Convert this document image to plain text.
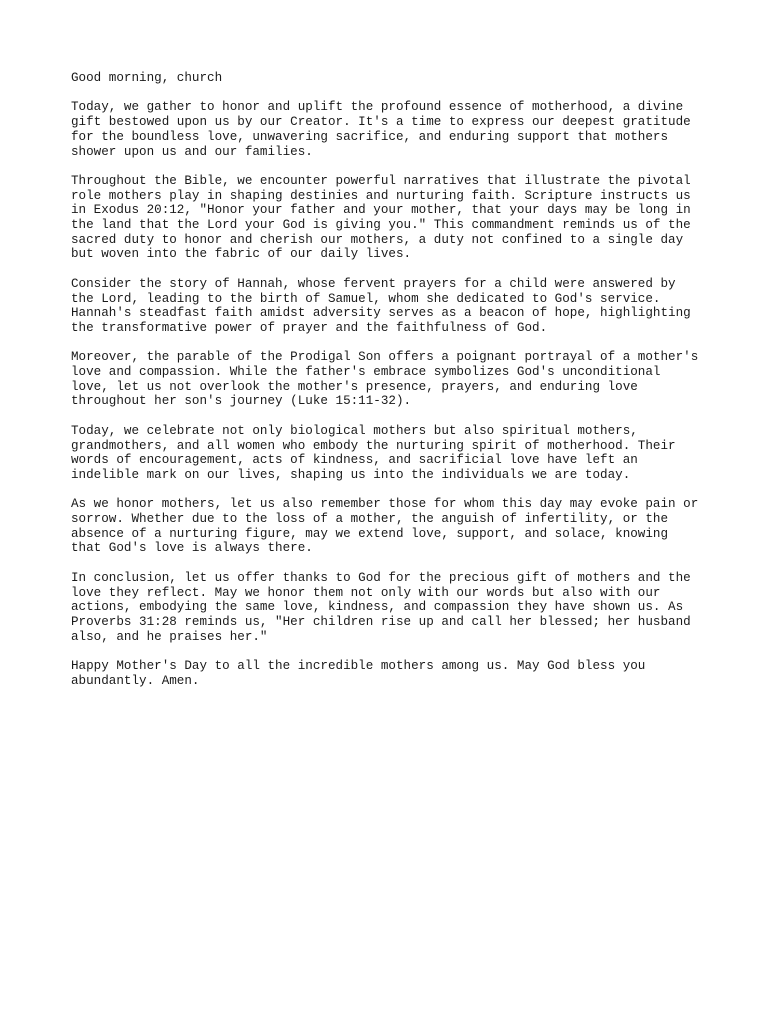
Good morning, church

Today, we gather to honor and uplift the profound essence of motherhood, a divine
gift bestowed upon us by our Creator. It's a time to express our deepest gratitude
for the boundless love, unwavering sacrifice, and enduring support that mothers
shower upon us and our families.

Throughout the Bible, we encounter powerful narratives that illustrate the pivotal
role mothers play in shaping destinies and nurturing faith. Scripture instructs us
in Exodus 20:12, "Honor your father and your mother, that your days may be long in
the land that the Lord your God is giving you." This commandment reminds us of the
sacred duty to honor and cherish our mothers, a duty not confined to a single day
but woven into the fabric of our daily lives.

Consider the story of Hannah, whose fervent prayers for a child were answered by
the Lord, leading to the birth of Samuel, whom she dedicated to God's service.
Hannah's steadfast faith amidst adversity serves as a beacon of hope, highlighting
the transformative power of prayer and the faithfulness of God.

Moreover, the parable of the Prodigal Son offers a poignant portrayal of a mother's
love and compassion. While the father's embrace symbolizes God's unconditional
love, let us not overlook the mother's presence, prayers, and enduring love
throughout her son's journey (Luke 15:11-32).

Today, we celebrate not only biological mothers but also spiritual mothers,
grandmothers, and all women who embody the nurturing spirit of motherhood. Their
words of encouragement, acts of kindness, and sacrificial love have left an
indelible mark on our lives, shaping us into the individuals we are today.

As we honor mothers, let us also remember those for whom this day may evoke pain or
sorrow. Whether due to the loss of a mother, the anguish of infertility, or the
absence of a nurturing figure, may we extend love, support, and solace, knowing
that God's love is always there.

In conclusion, let us offer thanks to God for the precious gift of mothers and the
love they reflect. May we honor them not only with our words but also with our
actions, embodying the same love, kindness, and compassion they have shown us. As
Proverbs 31:28 reminds us, "Her children rise up and call her blessed; her husband
also, and he praises her."

Happy Mother's Day to all the incredible mothers among us. May God bless you
abundantly. Amen.
